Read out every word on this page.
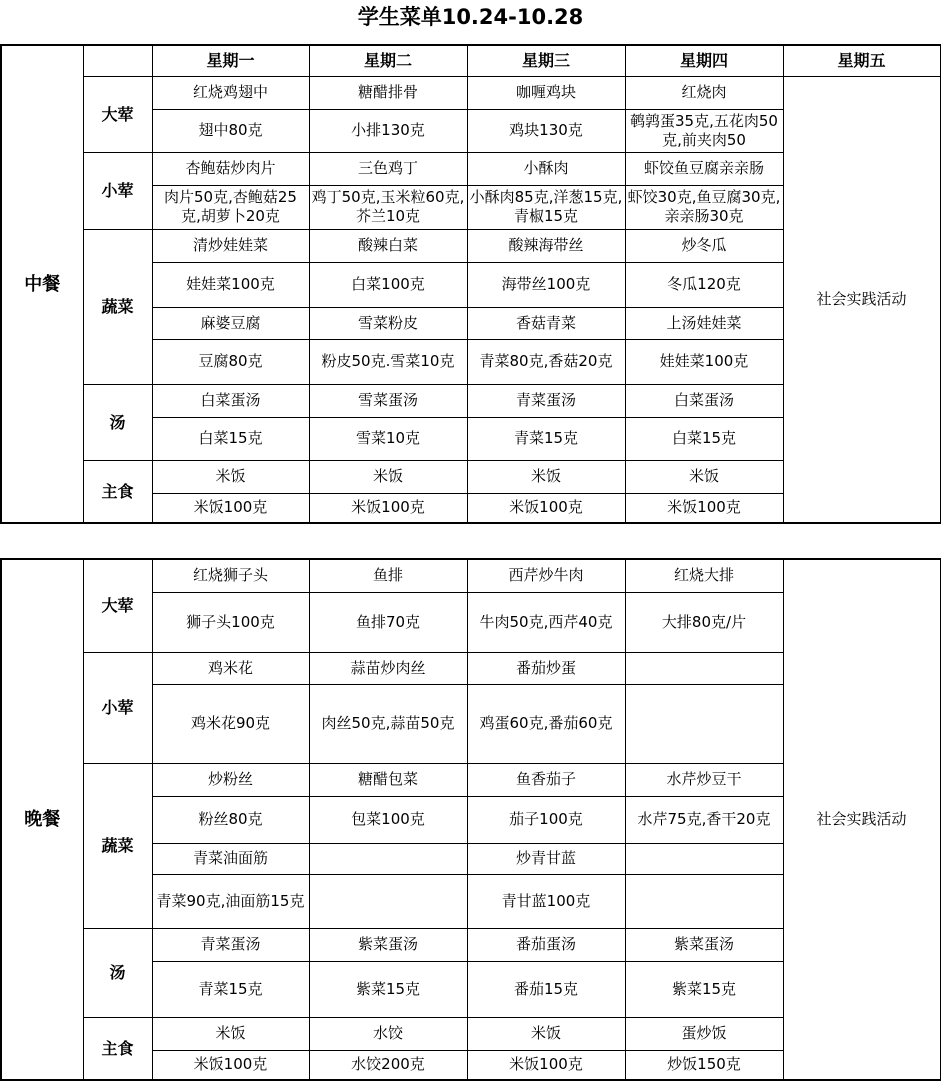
学生菜单10.24-10.28
中餐		星期一	星期二	星期三	星期四	星期五
	大荤	红烧鸡翅中	糖醋排骨	咖喱鸡块	红烧肉	社会实践活动
		翅中80克	小排130克	鸡块130克	鹌鹑蛋35克,五花肉50克,前夹肉50	
	小荤	杏鲍菇炒肉片	三色鸡丁	小酥肉	虾饺鱼豆腐亲亲肠	
		肉片50克,杏鲍菇25克,胡萝卜20克	鸡丁50克,玉米粒60克,芥兰10克	小酥肉85克,洋葱15克,青椒15克	虾饺30克,鱼豆腐30克,亲亲肠30克	
	蔬菜	清炒娃娃菜	酸辣白菜	酸辣海带丝	炒冬瓜	
		娃娃菜100克	白菜100克	海带丝100克	冬瓜120克	
		麻婆豆腐	雪菜粉皮	香菇青菜	上汤娃娃菜	
		豆腐80克	粉皮50克.雪菜10克	青菜80克,香菇20克	娃娃菜100克	
	汤	白菜蛋汤	雪菜蛋汤	青菜蛋汤	白菜蛋汤	
		白菜15克	雪菜10克	青菜15克	白菜15克	
	主食	米饭	米饭	米饭	米饭	
		米饭100克	米饭100克	米饭100克	米饭100克	
晚餐	大荤	红烧狮子头	鱼排	西芹炒牛肉	红烧大排	社会实践活动
		狮子头100克	鱼排70克	牛肉50克,西芹40克	大排80克/片	
	小荤	鸡米花	蒜苗炒肉丝	番茄炒蛋		
		鸡米花90克	肉丝50克,蒜苗50克	鸡蛋60克,番茄60克		
	蔬菜	炒粉丝	糖醋包菜	鱼香茄子	水芹炒豆干	
		粉丝80克	包菜100克	茄子100克	水芹75克,香干20克	
		青菜油面筋		炒青甘蓝		
		青菜90克,油面筋15克		青甘蓝100克		
	汤	青菜蛋汤	紫菜蛋汤	番茄蛋汤	紫菜蛋汤	
		青菜15克	紫菜15克	番茄15克	紫菜15克	
	主食	米饭	水饺	米饭	蛋炒饭	
		米饭100克	水饺200克	米饭100克	炒饭150克	
